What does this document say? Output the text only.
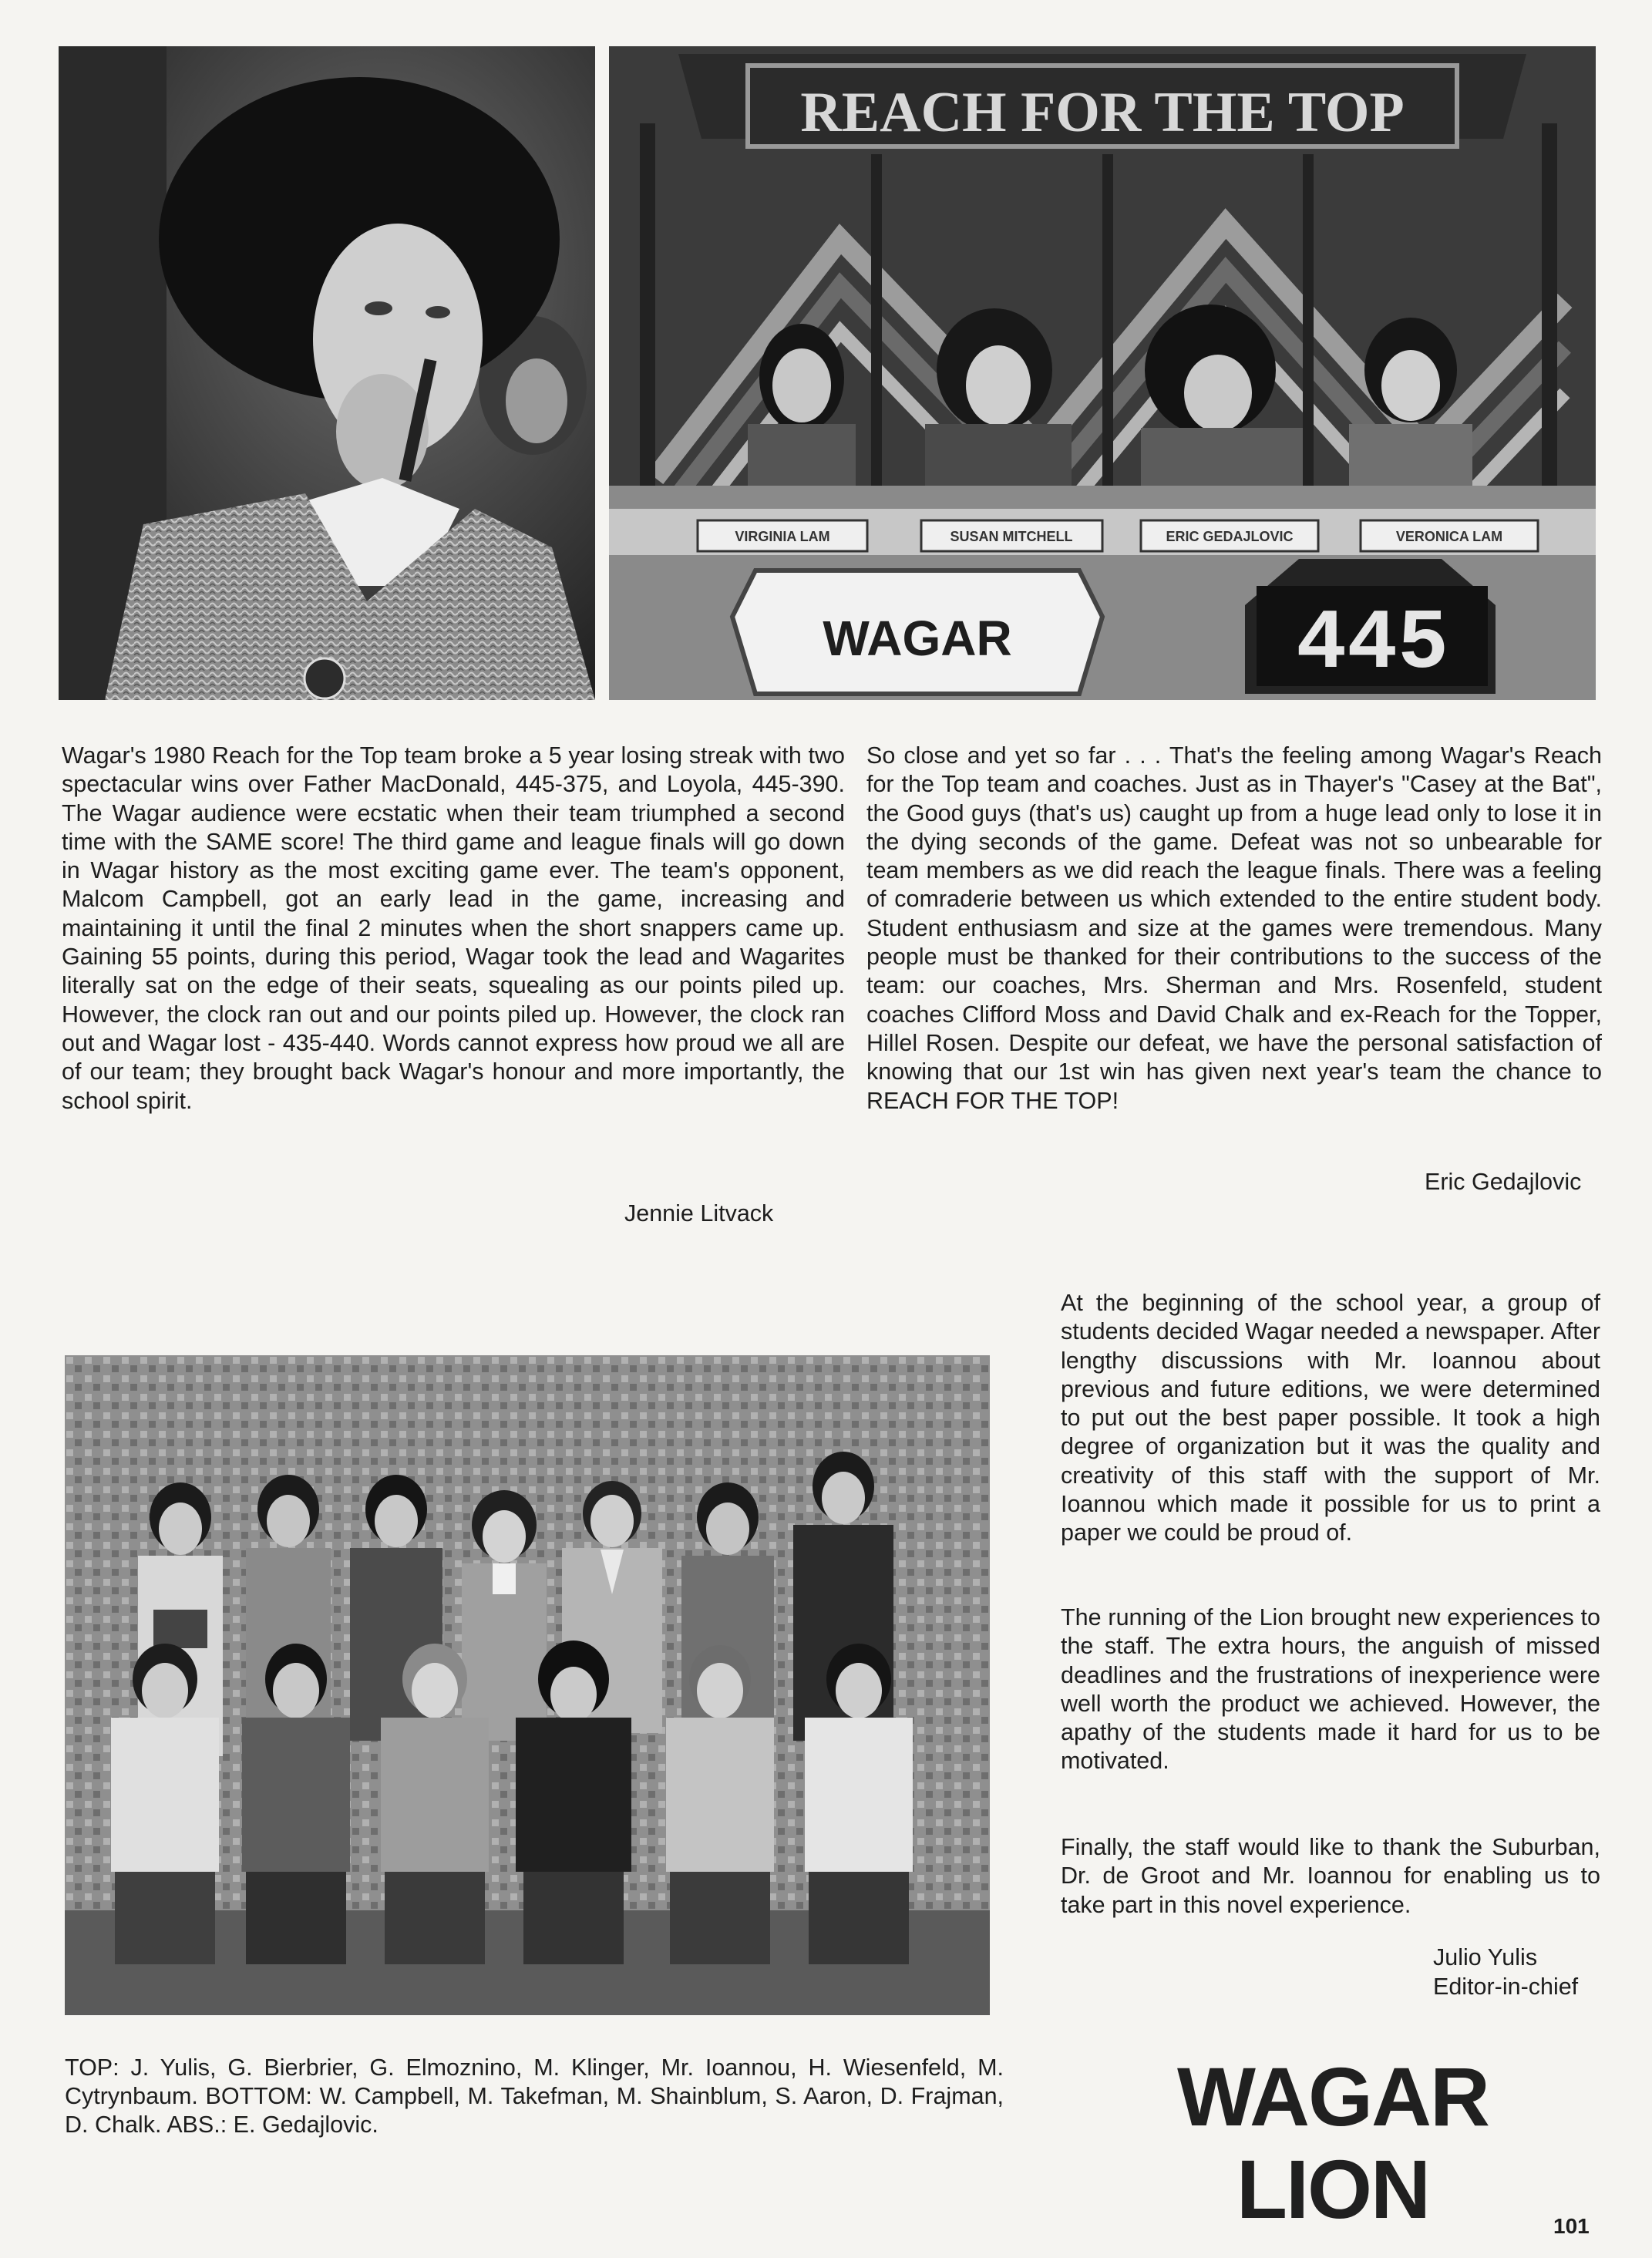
REACH FOR THE TOP
VIRGINIA LAM	SUSAN MITCHELL	ERIC GEDAJLOVIC	VERONICA LAM
WAGAR	445

Wagar's 1980 Reach for the Top team broke a 5 year losing streak with two spectacular wins over Father MacDonald, 445-375, and Loyola, 445-390. The Wagar audience were ecstatic when their team triumphed a second time with the SAME score! The third game and league finals will go down in Wagar history as the most exciting game ever. The team's opponent, Malcom Campbell, got an early lead in the game, increasing and maintaining it until the final 2 minutes when the short snappers came up. Gaining 55 points, during this period, Wagar took the lead and Wagarites literally sat on the edge of their seats, squealing as our points piled up. However, the clock ran out and our points piled up. However, the clock ran out and Wagar lost - 435-440. Words cannot express how proud we all are of our team; they brought back Wagar's honour and more importantly, the school spirit.

Jennie Litvack

So close and yet so far . . . That's the feeling among Wagar's Reach for the Top team and coaches. Just as in Thayer's "Casey at the Bat", the Good guys (that's us) caught up from a huge lead only to lose it in the dying seconds of the game. Defeat was not so unbearable for team members as we did reach the league finals. There was a feeling of comraderie between us which extended to the entire student body. Student enthusiasm and size at the games were tremendous. Many people must be thanked for their contributions to the success of the team: our coaches, Mrs. Sherman and Mrs. Rosenfeld, student coaches Clifford Moss and David Chalk and ex-Reach for the Topper, Hillel Rosen. Despite our defeat, we have the personal satisfaction of knowing that our 1st win has given next year's team the chance to REACH FOR THE TOP!

Eric Gedajlovic

At the beginning of the school year, a group of students decided Wagar needed a newspaper. After lengthy discussions with Mr. Ioannou about previous and future editions, we were determined to put out the best paper possible. It took a high degree of organization but it was the quality and creativity of this staff with the support of Mr. Ioannou which made it possible for us to print a paper we could be proud of.

The running of the Lion brought new experiences to the staff. The extra hours, the anguish of missed deadlines and the frustrations of inexperience were well worth the product we achieved. However, the apathy of the students made it hard for us to be motivated.

Finally, the staff would like to thank the Suburban, Dr. de Groot and Mr. Ioannou for enabling us to take part in this novel experience.

Julio Yulis

Editor-in-chief

TOP: J. Yulis, G. Bierbrier, G. Elmoznino, M. Klinger, Mr. Ioannou, H. Wiesenfeld, M. Cytrynbaum. BOTTOM: W. Campbell, M. Takefman, M. Shainblum, S. Aaron, D. Frajman, D. Chalk. ABS.: E. Gedajlovic.	WAGAR LION	101
